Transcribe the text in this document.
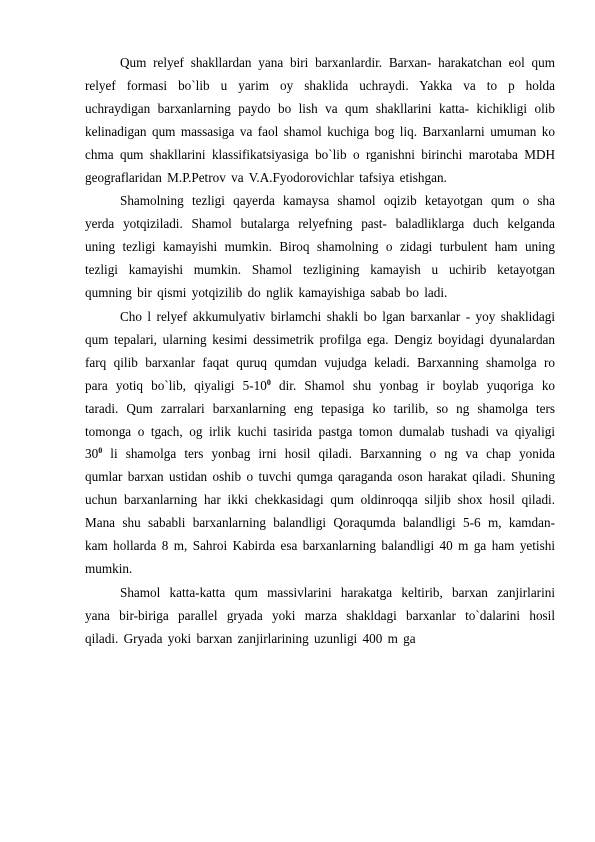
Qum relyef shakllardan yana biri barxanlardir. Barxan- harakatchan eol qum relyef formasi bo`lib u yarim oy shaklida uchraydi. Yakka va to p holda uchraydigan barxanlarning paydo bo lish va qum shakllarini katta- kichikligi olib kelinadigan qum massasiga va faol shamol kuchiga bog liq. Barxanlarni umuman ko chma qum shakllarini klassifikatsiyasiga bo`lib o rganishni birinchi marotaba MDH geograflaridan M.P.Petrov va V.A.Fyodorovichlar tafsiya etishgan.

Shamolning tezligi qayerda kamaysa shamol oqizib ketayotgan qum o sha yerda yotqiziladi. Shamol butalarga relyefning past- baladliklarga duch kelganda uning tezligi kamayishi mumkin. Biroq shamolning o zidagi turbulent ham uning tezligi kamayishi mumkin. Shamol tezligining kamayish u uchirib ketayotgan qumning bir qismi yotqizilib do nglik kamayishiga sabab bo ladi.

Cho l relyef akkumulyativ birlamchi shakli bo lgan barxanlar - yoy shaklidagi qum tepalari, ularning kesimi dessimetrik profilga ega. Dengiz boyidagi dyunalardan farq qilib barxanlar faqat quruq qumdan vujudga keladi. Barxanning shamolga ro para yotiq bo`lib, qiyaligi $5-10^0$ dir. Shamol shu yonbag ir boylab yuqoriga ko taradi. Qum zarralari barxanlarning eng tepasiga ko tarilib, so ng shamolga ters tomonga o tgach, og irlik kuchi tasirida pastga tomon dumalab tushadi va qiyaligi $30^0$ li shamolga ters yonbag irni hosil qiladi. Barxanning o ng va chap yonida qumlar barxan ustidan oshib o tuvchi qumga qaraganda oson harakat qiladi. Shuning uchun barxanlarning har ikki chekkasidagi qum oldinroqqa siljib shox hosil qiladi. Mana shu sababli barxanlarning balandligi Qoraqumda balandligi 5-6 m, kamdan-kam hollarda 8 m, Sahroi Kabirda esa barxanlarning balandligi 40 m ga ham yetishi mumkin.

Shamol katta-katta qum massivlarini harakatga keltirib, barxan zanjirlarini yana bir-biriga parallel gryada yoki marza shakldagi barxanlar to`dalarini hosil qiladi. Gryada yoki barxan zanjirlarining uzunligi 400 m ga
